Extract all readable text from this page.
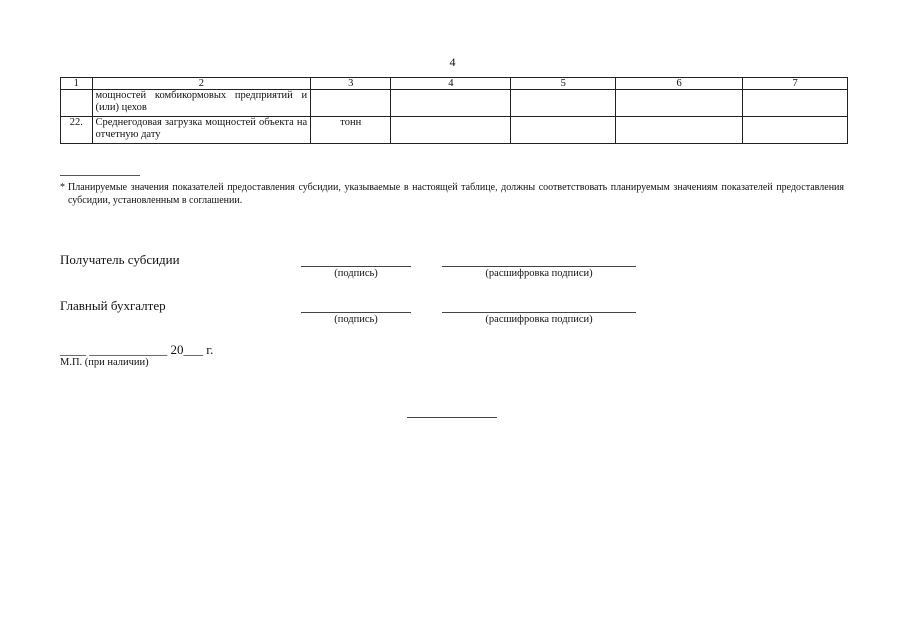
4
1	2	3	4	5	6	7
	мощностей комбикормовых предприятий и (или) цехов					
22.	Среднегодовая загрузка мощностей объекта на отчетную дату	тонн				
* Планируемые значения показателей предоставления субсидии, указываемые в настоящей таблице, должны соответствовать планируемым значениям показателей предоставления субсидии, установленным в соглашении.
Получатель субсидии
(подпись)	(расшифровка подписи)
Главный бухгалтер
(подпись)	(расшифровка подписи)
____ ____________ 20___ г.
М.П. (при наличии)
